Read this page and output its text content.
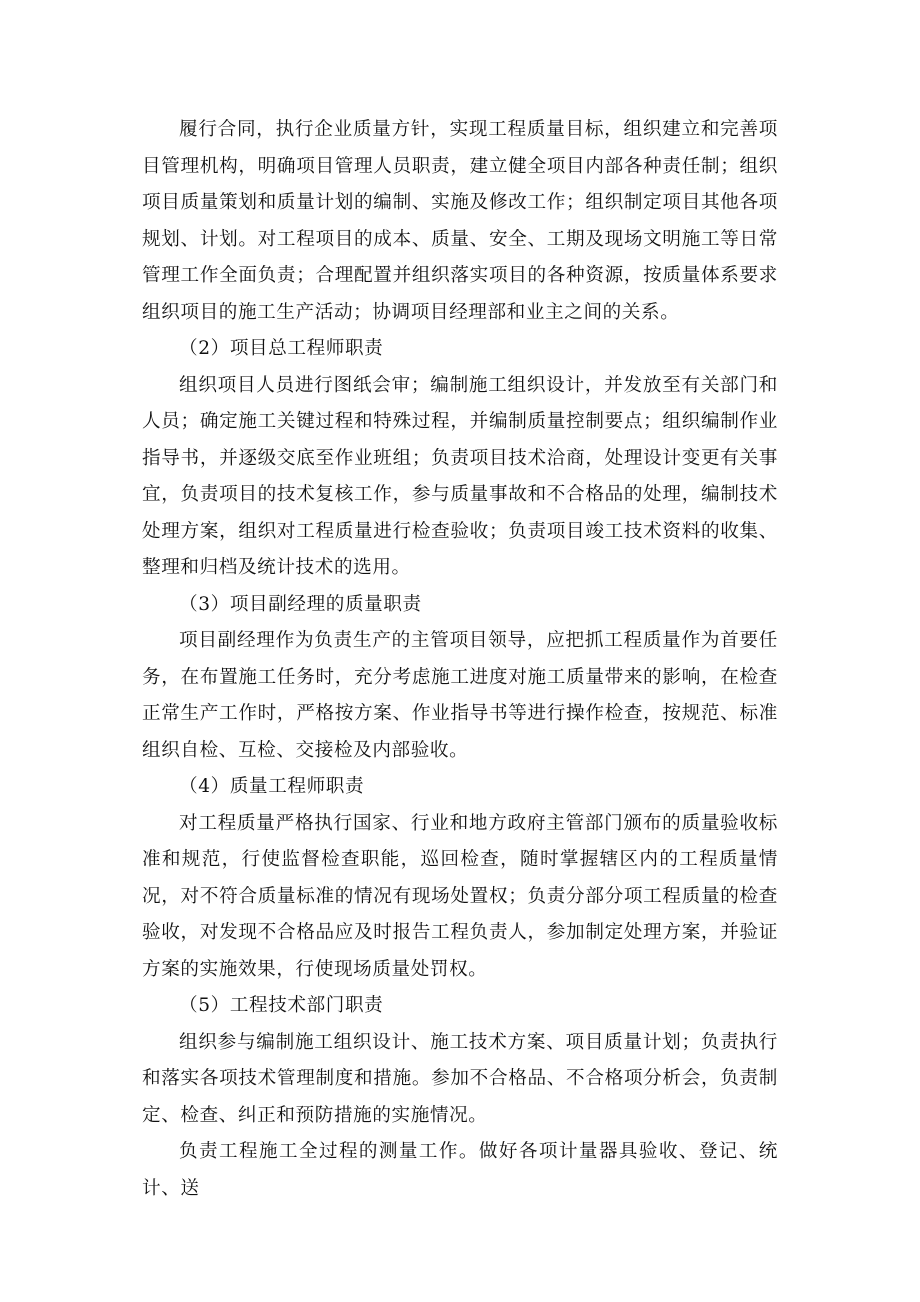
履行合同，执行企业质量方针，实现工程质量目标，组织建立和完善项目管理机构，明确项目管理人员职责，建立健全项目内部各种责任制；组织项目质量策划和质量计划的编制、实施及修改工作；组织制定项目其他各项规划、计划。对工程项目的成本、质量、安全、工期及现场文明施工等日常管理工作全面负责；合理配置并组织落实项目的各种资源，按质量体系要求组织项目的施工生产活动；协调项目经理部和业主之间的关系。

（2）项目总工程师职责

组织项目人员进行图纸会审；编制施工组织设计，并发放至有关部门和人员；确定施工关键过程和特殊过程，并编制质量控制要点；组织编制作业指导书，并逐级交底至作业班组；负责项目技术洽商，处理设计变更有关事宜，负责项目的技术复核工作，参与质量事故和不合格品的处理，编制技术处理方案，组织对工程质量进行检查验收；负责项目竣工技术资料的收集、整理和归档及统计技术的选用。

（3）项目副经理的质量职责

项目副经理作为负责生产的主管项目领导，应把抓工程质量作为首要任务，在布置施工任务时，充分考虑施工进度对施工质量带来的影响，在检查正常生产工作时，严格按方案、作业指导书等进行操作检查，按规范、标准组织自检、互检、交接检及内部验收。

（4）质量工程师职责

对工程质量严格执行国家、行业和地方政府主管部门颁布的质量验收标准和规范，行使监督检查职能，巡回检查，随时掌握辖区内的工程质量情况，对不符合质量标准的情况有现场处置权；负责分部分项工程质量的检查验收，对发现不合格品应及时报告工程负责人，参加制定处理方案，并验证方案的实施效果，行使现场质量处罚权。

（5）工程技术部门职责

组织参与编制施工组织设计、施工技术方案、项目质量计划；负责执行和落实各项技术管理制度和措施。参加不合格品、不合格项分析会，负责制定、检查、纠正和预防措施的实施情况。

负责工程施工全过程的测量工作。做好各项计量器具验收、登记、统计、送
